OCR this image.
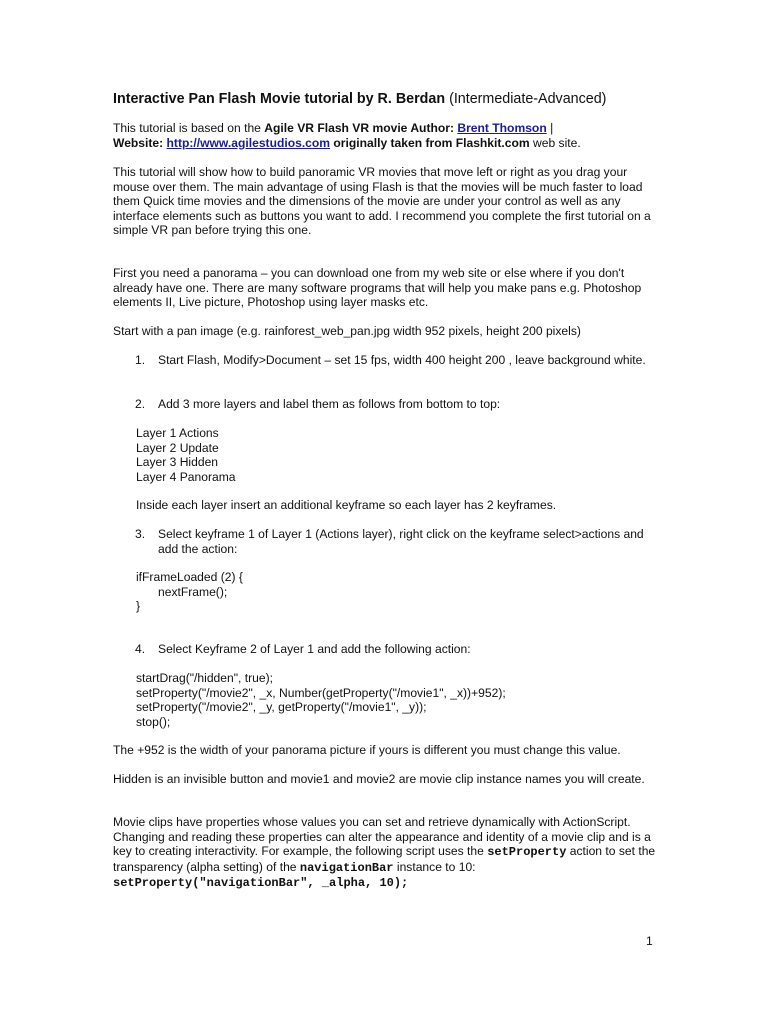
Interactive Pan Flash Movie tutorial by R. Berdan (Intermediate-Advanced)

This tutorial is based on the Agile VR Flash VR movie Author: Brent Thomson |
Website: http://www.agilestudios.com originally taken from Flashkit.com web site.

This tutorial will show how to build panoramic VR movies that move left or right as you drag your mouse over them. The main advantage of using Flash is that the movies will be much faster to load them Quick time movies and the dimensions of the movie are under your control as well as any interface elements such as buttons you want to add. I recommend you complete the first tutorial on a simple VR pan before trying this one.

First you need a panorama – you can download one from my web site or else where if you don't already have one. There are many software programs that will help you make pans e.g. Photoshop elements II, Live picture, Photoshop using layer masks etc.

Start with a pan image (e.g. rainforest_web_pan.jpg width 952 pixels, height 200 pixels)

1. Start Flash, Modify>Document – set 15 fps, width 400 height 200 , leave background white.
2. Add 3 more layers and label them as follows from bottom to top:
Layer 1 Actions
Layer 2 Update
Layer 3 Hidden
Layer 4 Panorama

Inside each layer insert an additional keyframe so each layer has 2 keyframes.

3. Select keyframe 1 of Layer 1 (Actions layer), right click on the keyframe select>actions and add the action:
ifFrameLoaded (2) {
nextFrame();
}
4. Select Keyframe 2 of Layer 1 and add the following action:
startDrag("/hidden", true);
setProperty("/movie2", _x, Number(getProperty("/movie1", _x))+952);
setProperty("/movie2", _y, getProperty("/movie1", _y));
stop();

The +952 is the width of your panorama picture if yours is different you must change this value.

Hidden is an invisible button and movie1 and movie2 are movie clip instance names you will create.

Movie clips have properties whose values you can set and retrieve dynamically with ActionScript. Changing and reading these properties can alter the appearance and identity of a movie clip and is a key to creating interactivity. For example, the following script uses the setProperty action to set the transparency (alpha setting) of the navigationBar instance to 10:
setProperty("navigationBar", _alpha, 10);

1
